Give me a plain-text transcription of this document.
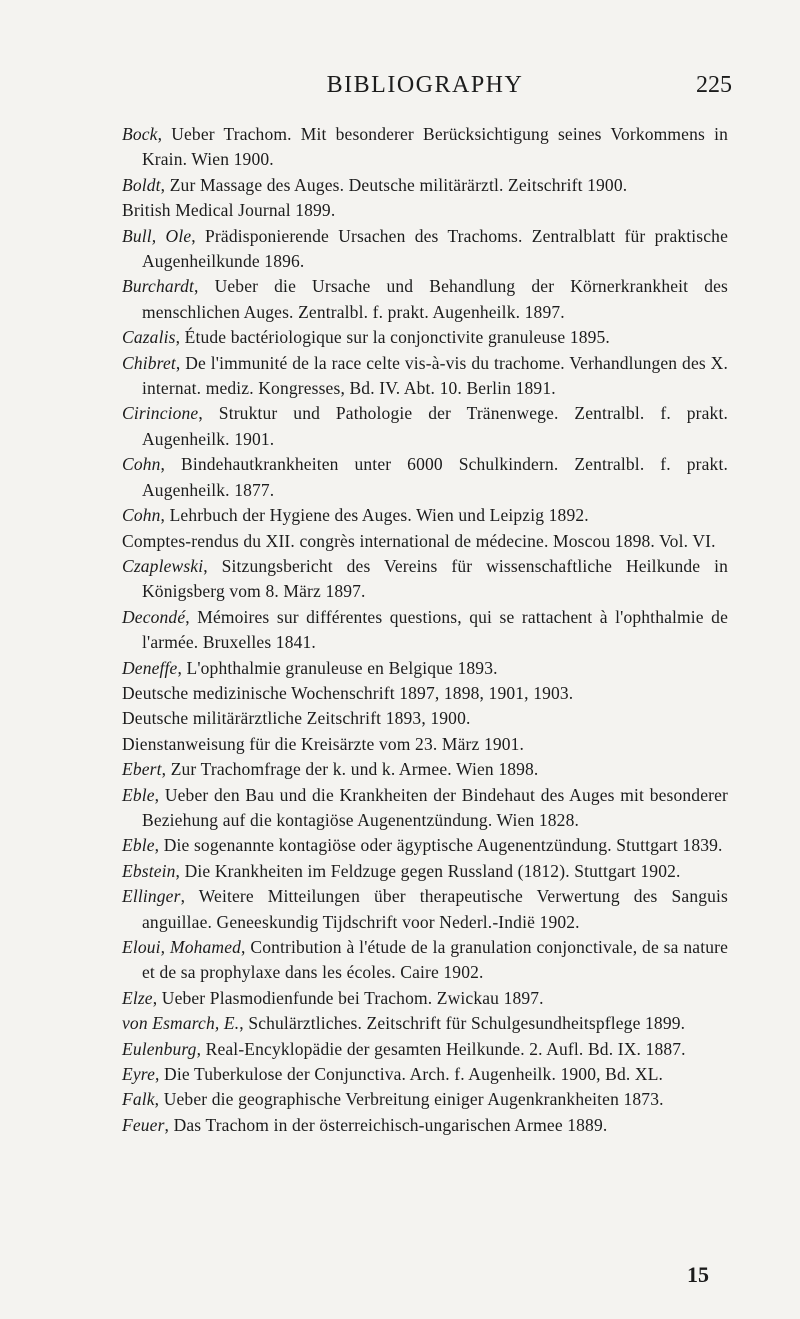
BIBLIOGRAPHY	225
Bock, Ueber Trachom. Mit besonderer Berücksichtigung seines Vorkommens in Krain. Wien 1900.
Boldt, Zur Massage des Auges. Deutsche militärärztl. Zeitschrift 1900.
British Medical Journal 1899.
Bull, Ole, Prädisponierende Ursachen des Trachoms. Zentralblatt für praktische Augenheilkunde 1896.
Burchardt, Ueber die Ursache und Behandlung der Körnerkrankheit des menschlichen Auges. Zentralbl. f. prakt. Augenheilk. 1897.
Cazalis, Étude bactériologique sur la conjonctivite granuleuse 1895.
Chibret, De l'immunité de la race celte vis-à-vis du trachome. Verhandlungen des X. internat. mediz. Kongresses, Bd. IV. Abt. 10. Berlin 1891.
Cirincione, Struktur und Pathologie der Tränenwege. Zentralbl. f. prakt. Augenheilk. 1901.
Cohn, Bindehautkrankheiten unter 6000 Schulkindern. Zentralbl. f. prakt. Augenheilk. 1877.
Cohn, Lehrbuch der Hygiene des Auges. Wien und Leipzig 1892.
Comptes-rendus du XII. congrès international de médecine. Moscou 1898. Vol. VI.
Czaplewski, Sitzungsbericht des Vereins für wissenschaftliche Heilkunde in Königsberg vom 8. März 1897.
Decondé, Mémoires sur différentes questions, qui se rattachent à l'ophthalmie de l'armée. Bruxelles 1841.
Deneffe, L'ophthalmie granuleuse en Belgique 1893.
Deutsche medizinische Wochenschrift 1897, 1898, 1901, 1903.
Deutsche militärärztliche Zeitschrift 1893, 1900.
Dienstanweisung für die Kreisärzte vom 23. März 1901.
Ebert, Zur Trachomfrage der k. und k. Armee. Wien 1898.
Eble, Ueber den Bau und die Krankheiten der Bindehaut des Auges mit besonderer Beziehung auf die kontagiöse Augenentzündung. Wien 1828.
Eble, Die sogenannte kontagiöse oder ägyptische Augenentzündung. Stuttgart 1839.
Ebstein, Die Krankheiten im Feldzuge gegen Russland (1812). Stuttgart 1902.
Ellinger, Weitere Mitteilungen über therapeutische Verwertung des Sanguis anguillae. Geneeskundig Tijdschrift voor Nederl.-Indië 1902.
Eloui, Mohamed, Contribution à l'étude de la granulation conjonctivale, de sa nature et de sa prophylaxe dans les écoles. Caire 1902.
Elze, Ueber Plasmodienfunde bei Trachom. Zwickau 1897.
von Esmarch, E., Schulärztliches. Zeitschrift für Schulgesundheitspflege 1899.
Eulenburg, Real-Encyklopädie der gesamten Heilkunde. 2. Aufl. Bd. IX. 1887.
Eyre, Die Tuberkulose der Conjunctiva. Arch. f. Augenheilk. 1900, Bd. XL.
Falk, Ueber die geographische Verbreitung einiger Augenkrankheiten 1873.
Feuer, Das Trachom in der österreichisch-ungarischen Armee 1889.
15
